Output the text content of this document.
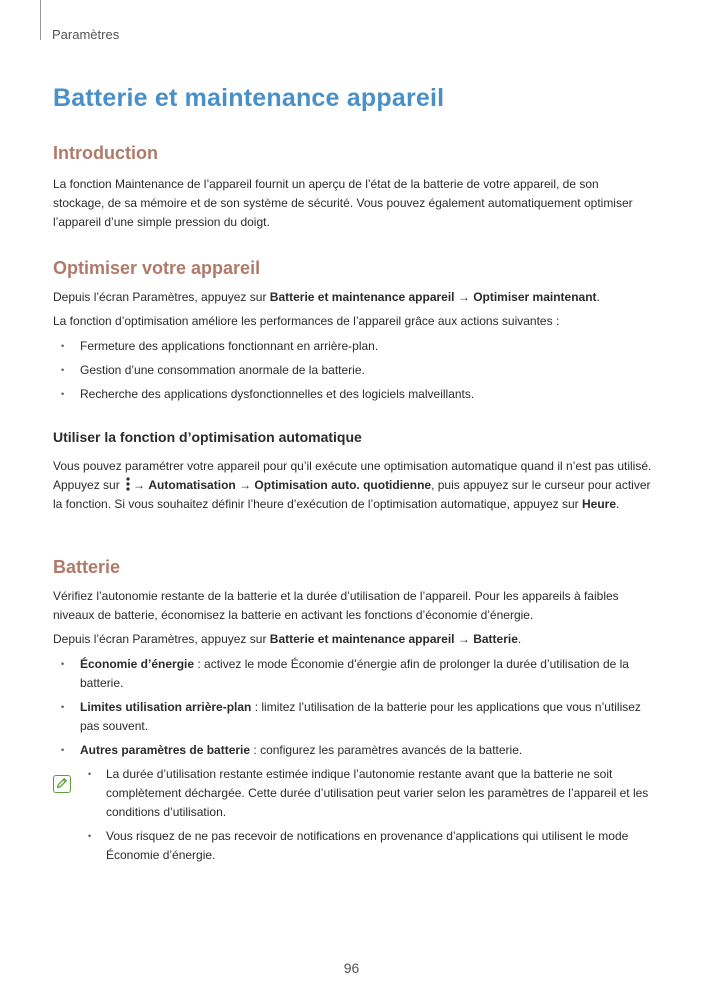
Paramètres
Batterie et maintenance appareil
Introduction

La fonction Maintenance de l’appareil fournit un aperçu de l’état de la batterie de votre appareil, de son stockage, de sa mémoire et de son système de sécurité. Vous pouvez également automatiquement optimiser l’appareil d’une simple pression du doigt.

Optimiser votre appareil

Depuis l’écran Paramètres, appuyez sur Batterie et maintenance appareil → Optimiser maintenant.

La fonction d’optimisation améliore les performances de l’appareil grâce aux actions suivantes :

• Fermeture des applications fonctionnant en arrière-plan.
• Gestion d’une consommation anormale de la batterie.
• Recherche des applications dysfonctionnelles et des logiciels malveillants.
Utiliser la fonction d’optimisation automatique

Vous pouvez paramétrer votre appareil pour qu’il exécute une optimisation automatique quand il n’est pas utilisé. Appuyez sur → Automatisation → Optimisation auto. quotidienne, puis appuyez sur le curseur pour activer la fonction. Si vous souhaitez définir l’heure d’exécution de l’optimisation automatique, appuyez sur Heure.

Batterie

Vérifiez l’autonomie restante de la batterie et la durée d’utilisation de l’appareil. Pour les appareils à faibles niveaux de batterie, économisez la batterie en activant les fonctions d’économie d’énergie.

Depuis l’écran Paramètres, appuyez sur Batterie et maintenance appareil → Batterie.

• Économie d’énergie : activez le mode Économie d’énergie afin de prolonger la durée d’utilisation de la batterie.
• Limites utilisation arrière-plan : limitez l’utilisation de la batterie pour les applications que vous n’utilisez pas souvent.
• Autres paramètres de batterie : configurez les paramètres avancés de la batterie.
• La durée d’utilisation restante estimée indique l’autonomie restante avant que la batterie ne soit complètement déchargée. Cette durée d’utilisation peut varier selon les paramètres de l’appareil et les conditions d’utilisation.
• Vous risquez de ne pas recevoir de notifications en provenance d’applications qui utilisent le mode Économie d’énergie.
96
